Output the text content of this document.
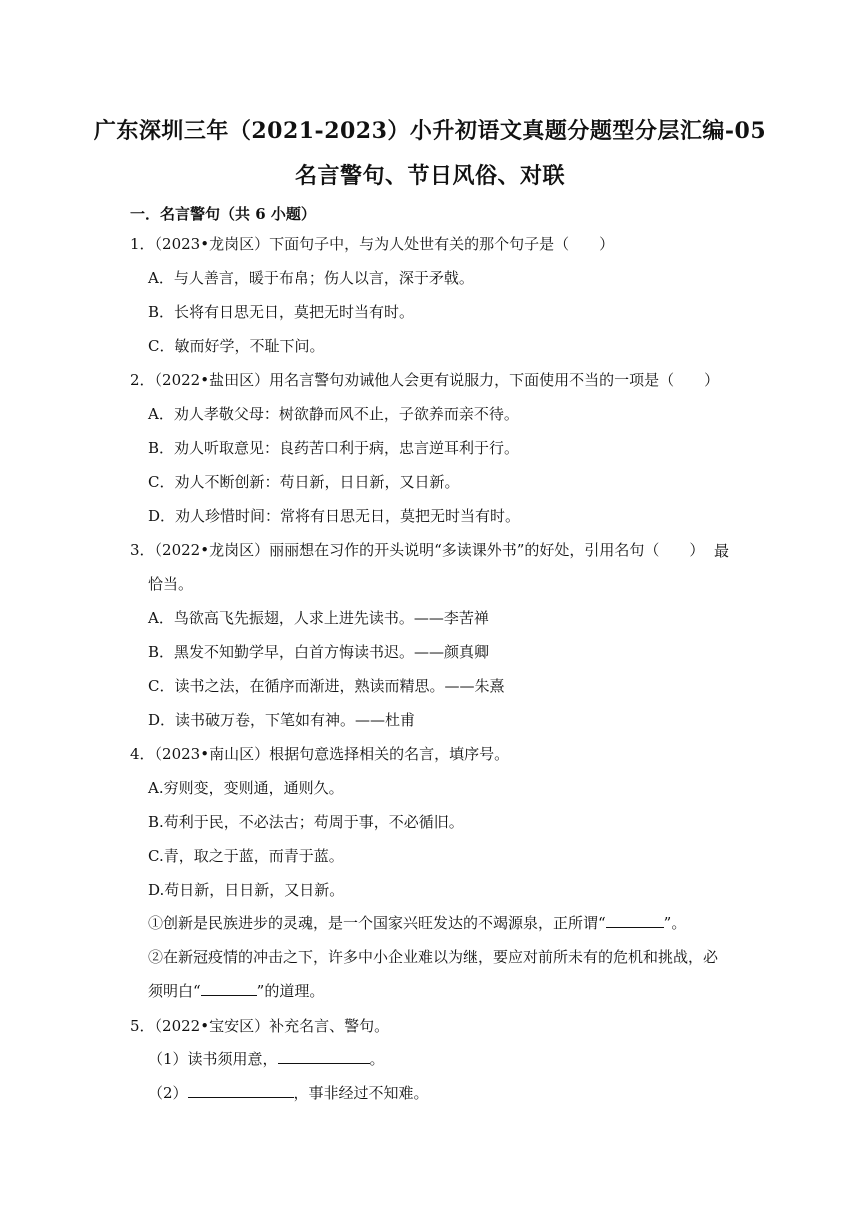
广东深圳三年（2021-2023）小升初语文真题分题型分层汇编-05
名言警句、节日风俗、对联
一．名言警句（共 6 小题）
1．（2023•龙岗区）下面句子中，与为人处世有关的那个句子是（　　）
A．与人善言，暖于布帛；伤人以言，深于矛戟。
B．长将有日思无日，莫把无时当有时。
C．敏而好学，不耻下问。
2．（2022•盐田区）用名言警句劝诫他人会更有说服力，下面使用不当的一项是（　　）
A．劝人孝敬父母：树欲静而风不止，子欲养而亲不待。
B．劝人听取意见：良药苦口利于病，忠言逆耳利于行。
C．劝人不断创新：苟日新，日日新，又日新。
D．劝人珍惜时间：常将有日思无日，莫把无时当有时。
3．（2022•龙岗区）丽丽想在习作的开头说明“多读课外书”的好处，引用名句（　　） 最
恰当。
A．鸟欲高飞先振翅，人求上进先读书。——李苦禅
B．黑发不知勤学早，白首方悔读书迟。——颜真卿
C．读书之法，在循序而渐进，熟读而精思。——朱熹
D．读书破万卷，下笔如有神。——杜甫
4．（2023•南山区）根据句意选择相关的名言，填序号。
A.穷则变，变则通，通则久。
B.苟利于民，不必法古；苟周于事，不必循旧。
C.青，取之于蓝，而青于蓝。
D.苟日新，日日新，又日新。
①创新是民族进步的灵魂，是一个国家兴旺发达的不竭源泉，正所谓“	”。
②在新冠疫情的冲击之下，许多中小企业难以为继，要应对前所未有的危机和挑战，必
须明白“	”的道理。
5．（2022•宝安区）补充名言、警句。
（1）读书须用意，	。
（2）	，事非经过不知难。
